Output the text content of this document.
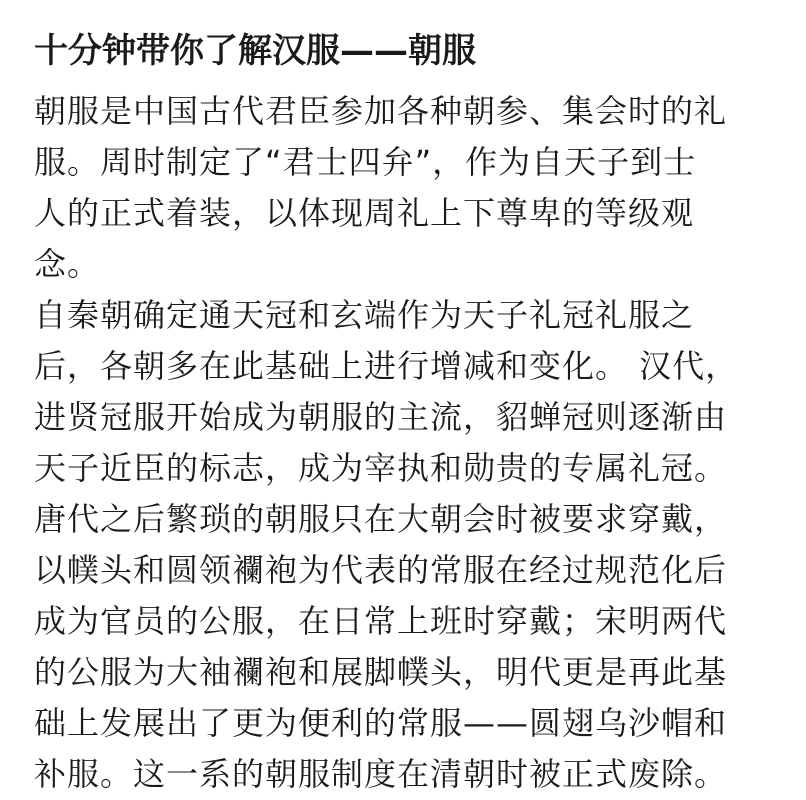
十分钟带你了解汉服——朝服
朝服是中国古代君臣参加各种朝参、集会时的礼
服。周时制定了“君士四弁”，作为自天子到士
人的正式着装，以体现周礼上下尊卑的等级观
念。
自秦朝确定通天冠和玄端作为天子礼冠礼服之
后，各朝多在此基础上进行增减和变化。 汉代，
进贤冠服开始成为朝服的主流，貂蝉冠则逐渐由
天子近臣的标志，成为宰执和勋贵的专属礼冠。
唐代之后繁琐的朝服只在大朝会时被要求穿戴，
以幞头和圆领襴袍为代表的常服在经过规范化后
成为官员的公服，在日常上班时穿戴；宋明两代
的公服为大袖襴袍和展脚幞头，明代更是再此基
础上发展出了更为便利的常服——圆翅乌沙帽和
补服。这一系的朝服制度在清朝时被正式废除。
